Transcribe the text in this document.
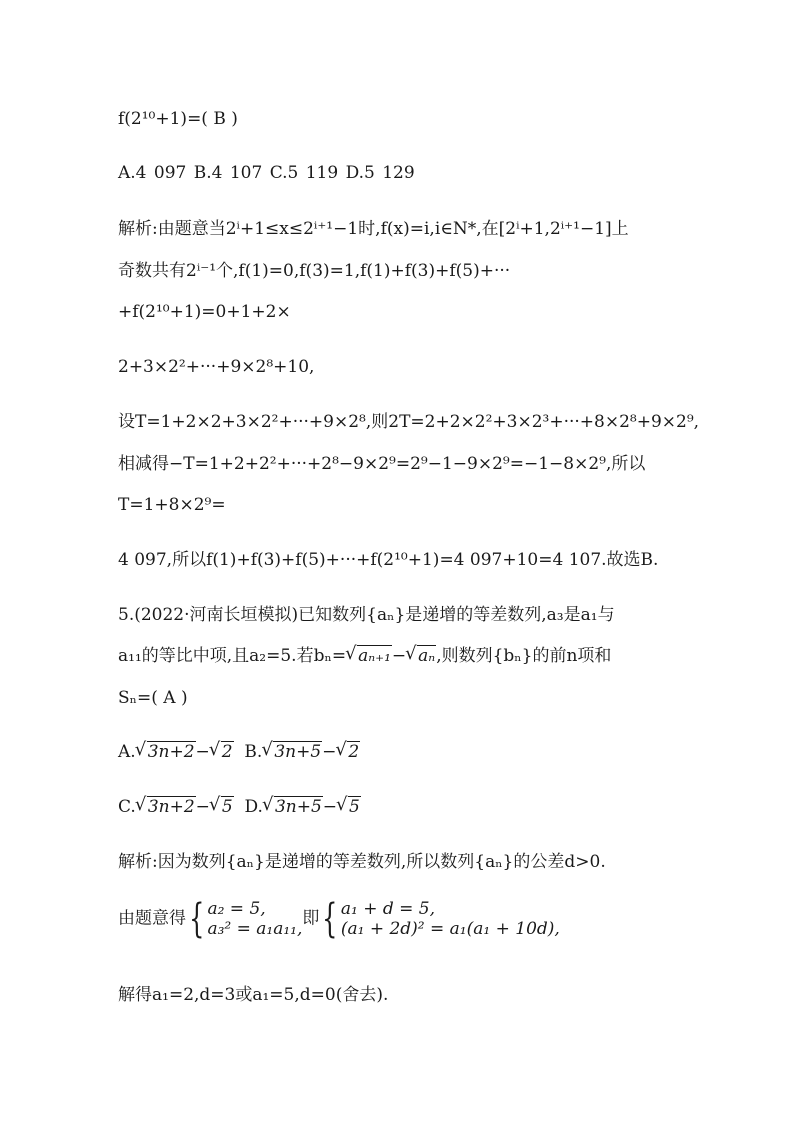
f(2¹⁰+1)=( B )
A.4 097 B.4 107 C.5 119 D.5 129
解析:由题意当2ⁱ+1≤x≤2ⁱ⁺¹−1时,f(x)=i,i∈N*,在[2ⁱ+1,2ⁱ⁺¹−1]上
奇数共有2ⁱ⁻¹个,f(1)=0,f(3)=1,f(1)+f(3)+f(5)+···
+f(2¹⁰+1)=0+1+2×
2+3×2²+···+9×2⁸+10,
设T=1+2×2+3×2²+···+9×2⁸,则2T=2+2×2²+3×2³+···+8×2⁸+9×2⁹,
相减得−T=1+2+2²+···+2⁸−9×2⁹=2⁹−1−9×2⁹=−1−8×2⁹,所以
T=1+8×2⁹=
4 097,所以f(1)+f(3)+f(5)+···+f(2¹⁰+1)=4 097+10=4 107.故选B.
5.(2022·河南长垣模拟)已知数列{aₙ}是递增的等差数列,a₃是a₁与
a₁₁的等比中项,且a₂=5.若bₙ= √ aₙ₊₁− √ aₙ,则数列{bₙ}的前n项和
Sₙ=( A )
A. √ 3n+2− √ 2  B. √ 3n+5− √ 2
C. √ 3n+2− √ 5  D. √ 3n+5− √ 5
解析:因为数列{aₙ}是递增的等差数列,所以数列{aₙ}的公差d>0.
由题意得{ a₂ = 5,
a₃² = a₁a₁₁, 即{ a₁ + d = 5,
(a₁ + 2d)² = a₁(a₁ + 10d),
解得a₁=2,d=3或a₁=5,d=0(舍去).
